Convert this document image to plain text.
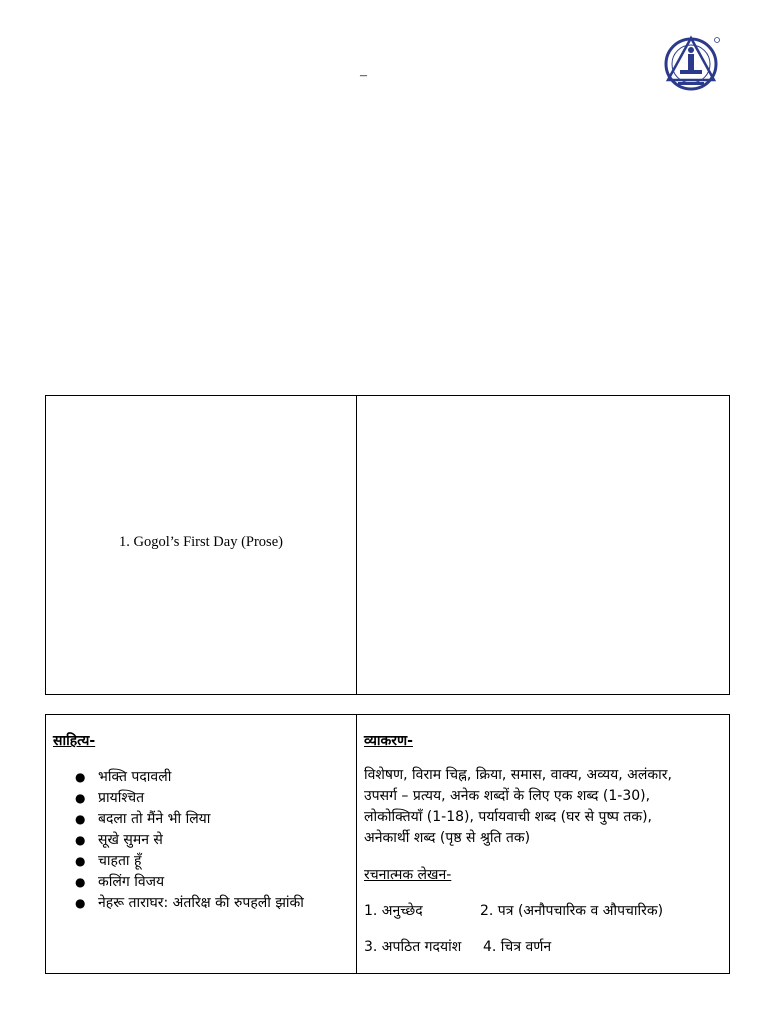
–
1. Gogol’s First Day (Prose)
साहित्य-
● भक्ति पदावली
● प्रायश्चित
● बदला तो मैंने भी लिया
● सूखे सुमन से
● चाहता हूँ
● कलिंग विजय
● नेहरू ताराघर: अंतरिक्ष की रुपहली झांकी
व्याकरण-
विशेषण, विराम चिह्न, क्रिया, समास, वाक्य, अव्यय, अलंकार,
उपसर्ग – प्रत्यय, अनेक शब्दों के लिए एक शब्द (1-30),
लोकोक्तियाँ (1-18), पर्यायवाची शब्द (घर से पुष्प तक),
अनेकार्थी शब्द (पृष्ठ से श्रुति तक)
रचनात्मक लेखन-
1. अनुच्छेद	2. पत्र (अनौपचारिक व औपचारिक)
3. अपठित गदयांश 4. चित्र वर्णन
